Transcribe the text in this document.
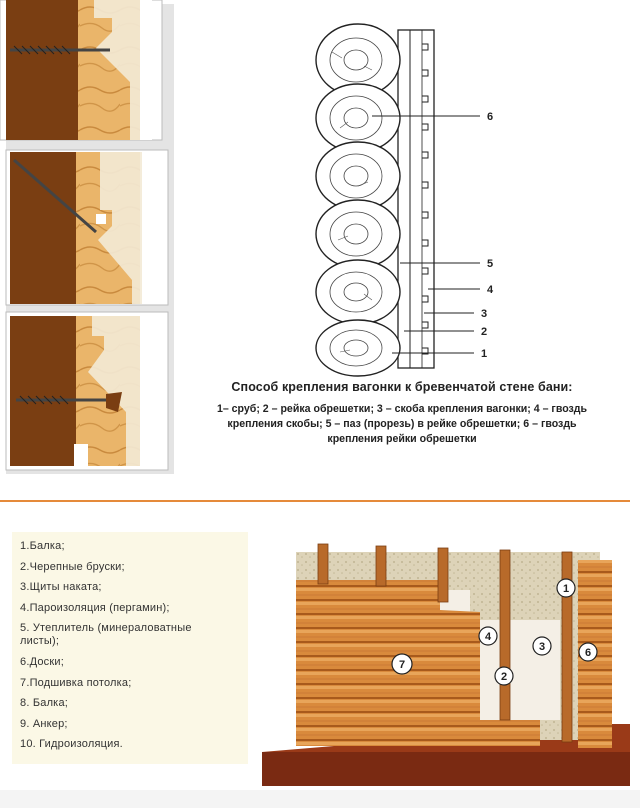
6
5
4
3
2
1
1
2
3
4
6
7
Способ крепления вагонки к бревенчатой стене бани:
1– сруб; 2 – рейка обрешетки; 3 – скоба крепления вагонки; 4 – гвоздь
крепления скобы; 5 – паз (прорезь) в рейке обрешетки; 6 – гвоздь
крепления рейки обрешетки
1.Балка;
2.Черепные бруски;
3.Щиты наката;
4.Пароизоляция (пергамин);
5. Утеплитель (минераловатные листы);
6.Доски;
7.Подшивка потолка;
8. Балка;
9. Анкер;
10. Гидроизоляция.
